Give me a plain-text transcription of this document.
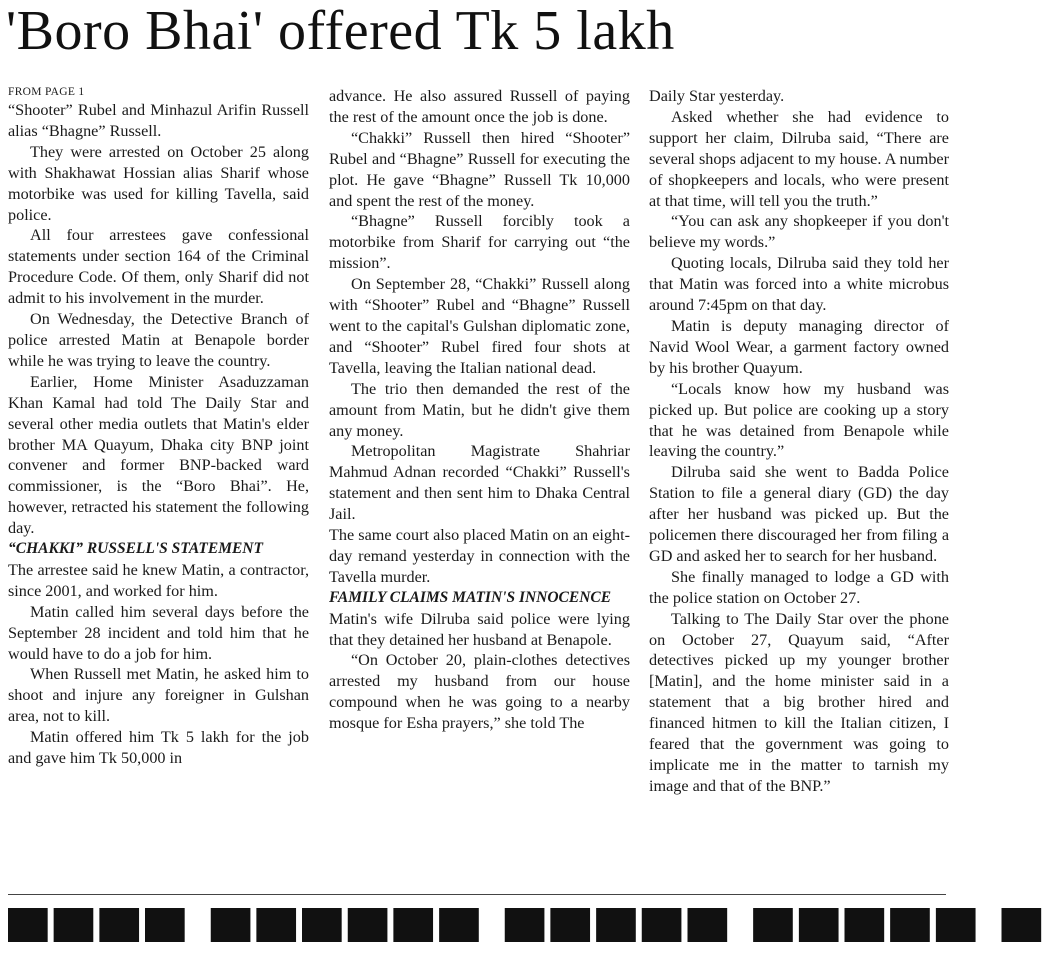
'Boro Bhai' offered Tk 5 lakh
FROM PAGE 1

“Shooter” Rubel and Minhazul Arifin Russell alias “Bhagne” Russell.

They were arrested on October 25 along with Shakhawat Hossian alias Sharif whose motorbike was used for killing Tavella, said police.

All four arrestees gave confessional statements under section 164 of the Criminal Procedure Code. Of them, only Sharif did not admit to his involvement in the murder.

On Wednesday, the Detective Branch of police arrested Matin at Benapole border while he was trying to leave the country.

Earlier, Home Minister Asaduzzaman Khan Kamal had told The Daily Star and several other media outlets that Matin's elder brother MA Quayum, Dhaka city BNP joint convener and former BNP-backed ward commissioner, is the “Boro Bhai”. He, however, retracted his statement the following day.

“CHAKKI” RUSSELL'S STATEMENT

The arrestee said he knew Matin, a contractor, since 2001, and worked for him.

Matin called him several days before the September 28 incident and told him that he would have to do a job for him.

When Russell met Matin, he asked him to shoot and injure any foreigner in Gulshan area, not to kill.

Matin offered him Tk 5 lakh for the job and gave him Tk 50,000 in

advance. He also assured Russell of paying the rest of the amount once the job is done.

“Chakki” Russell then hired “Shooter” Rubel and “Bhagne” Russell for executing the plot. He gave “Bhagne” Russell Tk 10,000 and spent the rest of the money.

“Bhagne” Russell forcibly took a motorbike from Sharif for carrying out “the mission”.

On September 28, “Chakki” Russell along with “Shooter” Rubel and “Bhagne” Russell went to the capital's Gulshan diplomatic zone, and “Shooter” Rubel fired four shots at Tavella, leaving the Italian national dead.

The trio then demanded the rest of the amount from Matin, but he didn't give them any money.

Metropolitan Magistrate Shahriar Mahmud Adnan recorded “Chakki” Russell's statement and then sent him to Dhaka Central Jail.

The same court also placed Matin on an eight-day remand yesterday in connection with the Tavella murder.

FAMILY CLAIMS MATIN'S INNOCENCE

Matin's wife Dilruba said police were lying that they detained her husband at Benapole.

“On October 20, plain-clothes detectives arrested my husband from our house compound when he was going to a nearby mosque for Esha prayers,” she told The

Daily Star yesterday.

Asked whether she had evidence to support her claim, Dilruba said, “There are several shops adjacent to my house. A number of shopkeepers and locals, who were present at that time, will tell you the truth.”

“You can ask any shopkeeper if you don't believe my words.”

Quoting locals, Dilruba said they told her that Matin was forced into a white microbus around 7:45pm on that day.

Matin is deputy managing director of Navid Wool Wear, a garment factory owned by his brother Quayum.

“Locals know how my husband was picked up. But police are cooking up a story that he was detained from Benapole while leaving the country.”

Dilruba said she went to Badda Police Station to file a general diary (GD) the day after her husband was picked up. But the policemen there discouraged her from filing a GD and asked her to search for her husband.

She finally managed to lodge a GD with the police station on October 27.

Talking to The Daily Star over the phone on October 27, Quayum said, “After detectives picked up my younger brother [Matin], and the home minister said in a statement that a big brother hired and financed hitmen to kill the Italian citizen, I feared that the government was going to implicate me in the matter to tarnish my image and that of the BNP.”

▀▀▀▀ ▀▀▀▀▀▀ ▀▀▀▀▀ ▀▀▀▀▀ ▀
